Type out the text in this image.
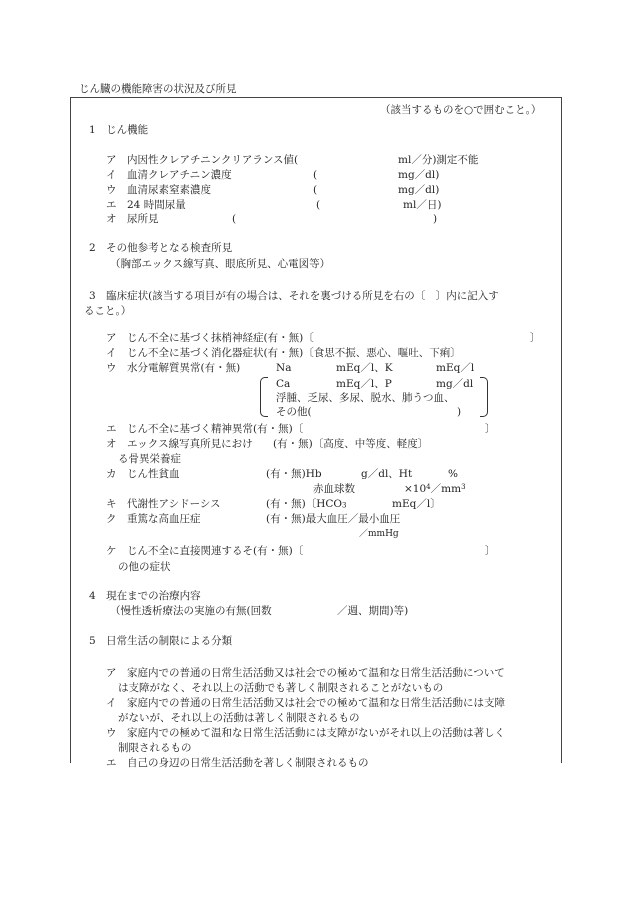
じん臓の機能障害の状況及び所見
（該当するものを○で囲むこと。）
1　じん機能
ア　内因性クレアチニンクリアランス値(	ml／分)測定不能
イ　血清クレアチニン濃度	(	mg／dl)
ウ　血清尿素窒素濃度	(	mg／dl)
エ　24 時間尿量	(	ml／日)
オ　尿所見	(	)
2　その他参考となる検査所見
（胸部エックス線写真、眼底所見、心電図等）
3　臨床症状(該当する項目が有の場合は、それを裏づける所見を右の〔　〕内に記入す
ること。）
ア　じん不全に基づく抹梢神経症(有・無)〔	〕
イ　じん不全に基づく消化器症状(有・無)〔食思不振、悪心、嘔吐、下痢〕
ウ　水分電解質異常(有・無)	Na	mEq／l、K	mEq／l
Ca	mEq／l、P	mg／dl
浮腫、乏尿、多尿、脱水、肺うつ血、
その他(	)
エ　じん不全に基づく精神異常(有・無)〔	〕
オ　エックス線写真所見におけ (有・無)〔高度、中等度、軽度〕
る骨異栄養症
カ　じん性貧血	(有・無)Hb	g／dl、Ht	%
赤血球数	$\times 10^4/mm^3$
キ　代謝性アシドーシス	(有・無)〔HCO3	mEq／l〕
ク　重篤な高血圧症	(有・無)最大血圧／最小血圧
／mmHg
ケ　じん不全に直接関連するそ(有・無)〔	〕
の他の症状
4　現在までの治療内容
（慢性透析療法の実施の有無(回数	／週、期間)等)
5　日常生活の制限による分類
ア　家庭内での普通の日常生活活動又は社会での極めて温和な日常生活活動について
は支障がなく、それ以上の活動でも著しく制限されることがないもの
イ　家庭内での普通の日常生活活動又は社会での極めて温和な日常生活活動には支障
がないが、それ以上の活動は著しく制限されるもの
ウ　家庭内での極めて温和な日常生活活動には支障がないがそれ以上の活動は著しく
制限されるもの
エ　自己の身辺の日常生活活動を著しく制限されるもの
